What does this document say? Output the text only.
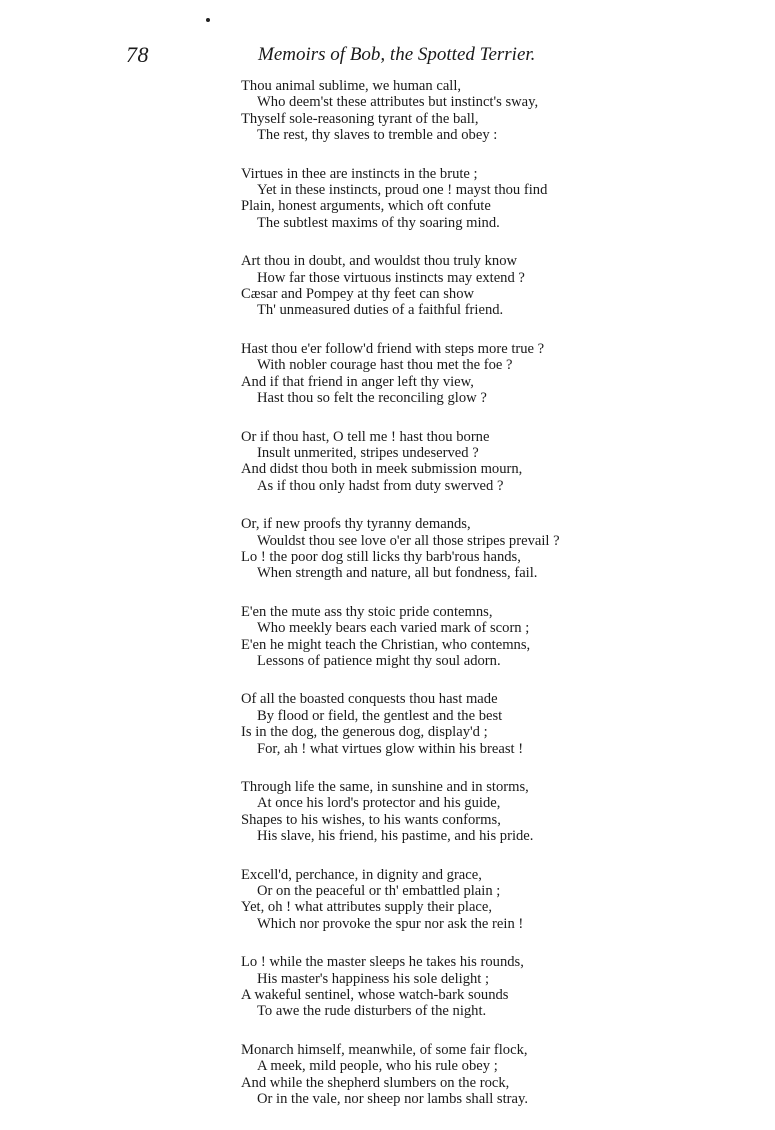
78	Memoirs of Bob, the Spotted Terrier.
Thou animal sublime, we human call,
Who deem'st these attributes but instinct's sway,
Thyself sole-reasoning tyrant of the ball,
The rest, thy slaves to tremble and obey :
Virtues in thee are instincts in the brute ;
Yet in these instincts, proud one ! mayst thou find
Plain, honest arguments, which oft confute
The subtlest maxims of thy soaring mind.
Art thou in doubt, and wouldst thou truly know
How far those virtuous instincts may extend ?
Cæsar and Pompey at thy feet can show
Th' unmeasured duties of a faithful friend.
Hast thou e'er follow'd friend with steps more true ?
With nobler courage hast thou met the foe ?
And if that friend in anger left thy view,
Hast thou so felt the reconciling glow ?
Or if thou hast, O tell me ! hast thou borne
Insult unmerited, stripes undeserved ?
And didst thou both in meek submission mourn,
As if thou only hadst from duty swerved ?
Or, if new proofs thy tyranny demands,
Wouldst thou see love o'er all those stripes prevail ?
Lo ! the poor dog still licks thy barb'rous hands,
When strength and nature, all but fondness, fail.
E'en the mute ass thy stoic pride contemns,
Who meekly bears each varied mark of scorn ;
E'en he might teach the Christian, who contemns,
Lessons of patience might thy soul adorn.
Of all the boasted conquests thou hast made
By flood or field, the gentlest and the best
Is in the dog, the generous dog, display'd ;
For, ah ! what virtues glow within his breast !
Through life the same, in sunshine and in storms,
At once his lord's protector and his guide,
Shapes to his wishes, to his wants conforms,
His slave, his friend, his pastime, and his pride.
Excell'd, perchance, in dignity and grace,
Or on the peaceful or th' embattled plain ;
Yet, oh ! what attributes supply their place,
Which nor provoke the spur nor ask the rein !
Lo ! while the master sleeps he takes his rounds,
His master's happiness his sole delight ;
A wakeful sentinel, whose watch-bark sounds
To awe the rude disturbers of the night.
Monarch himself, meanwhile, of some fair flock,
A meek, mild people, who his rule obey ;
And while the shepherd slumbers on the rock,
Or in the vale, nor sheep nor lambs shall stray.
